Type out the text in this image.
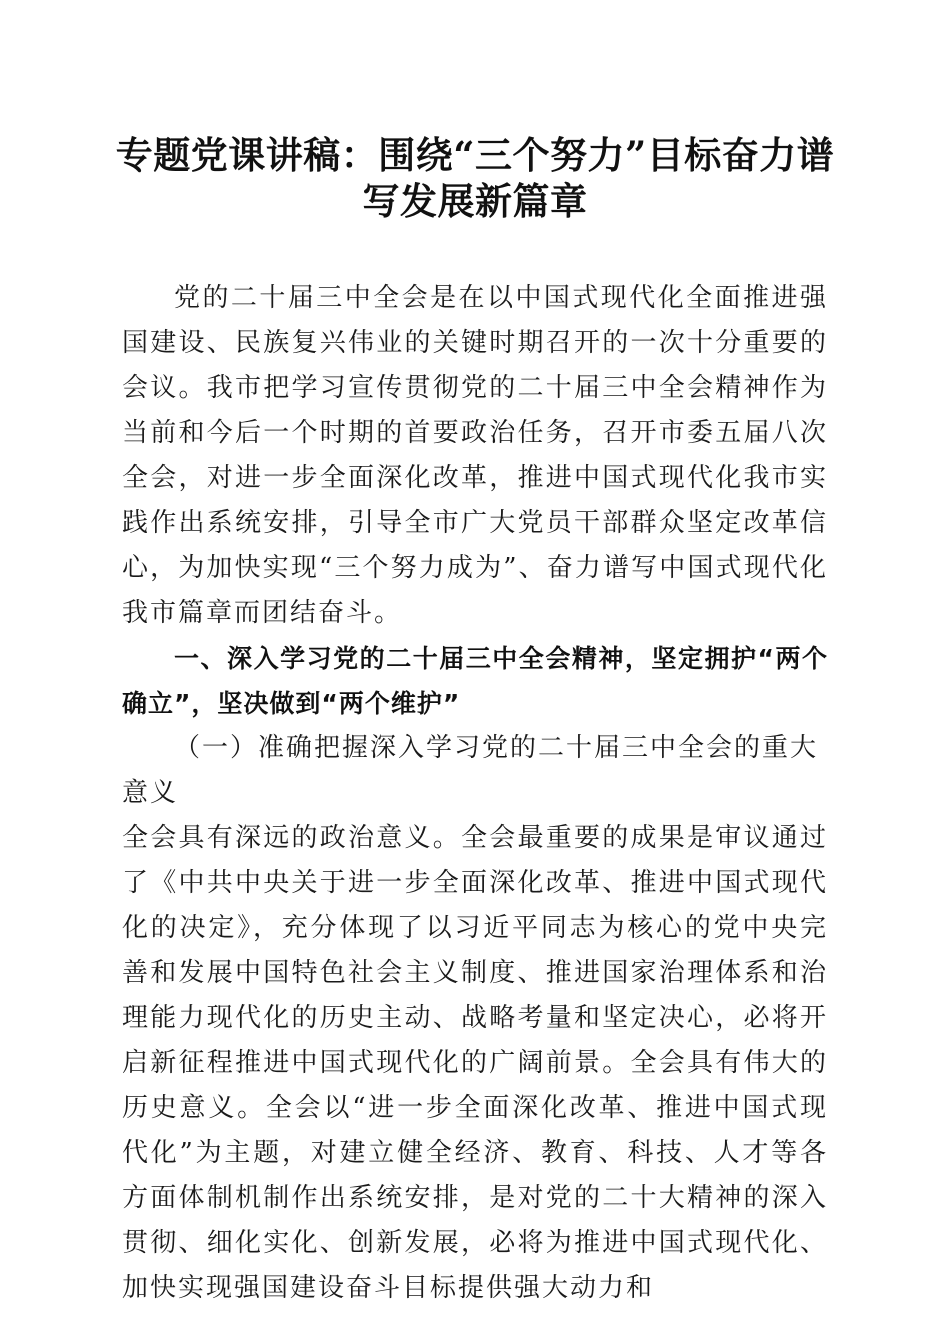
专题党课讲稿：围绕“三个努力”目标奋力谱
写发展新篇章

党的二十届三中全会是在以中国式现代化全面推进强国建设、民族复兴伟业的关键时期召开的一次十分重要的会议。我市把学习宣传贯彻党的二十届三中全会精神作为当前和今后一个时期的首要政治任务，召开市委五届八次全会，对进一步全面深化改革，推进中国式现代化我市实践作出系统安排，引导全市广大党员干部群众坚定改革信心，为加快实现“三个努力成为”、奋力谱写中国式现代化我市篇章而团结奋斗。

一、深入学习党的二十届三中全会精神，坚定拥护“两个确立”，坚决做到“两个维护”

（一）准确把握深入学习党的二十届三中全会的重大意义

全会具有深远的政治意义。全会最重要的成果是审议通过了《中共中央关于进一步全面深化改革、推进中国式现代化的决定》，充分体现了以习近平同志为核心的党中央完善和发展中国特色社会主义制度、推进国家治理体系和治理能力现代化的历史主动、战略考量和坚定决心，必将开启新征程推进中国式现代化的广阔前景。全会具有伟大的历史意义。全会以“进一步全面深化改革、推进中国式现代化”为主题，对建立健全经济、教育、科技、人才等各方面体制机制作出系统安排，是对党的二十大精神的深入贯彻、细化实化、创新发展，必将为推进中国式现代化、加快实现强国建设奋斗目标提供强大动力和
